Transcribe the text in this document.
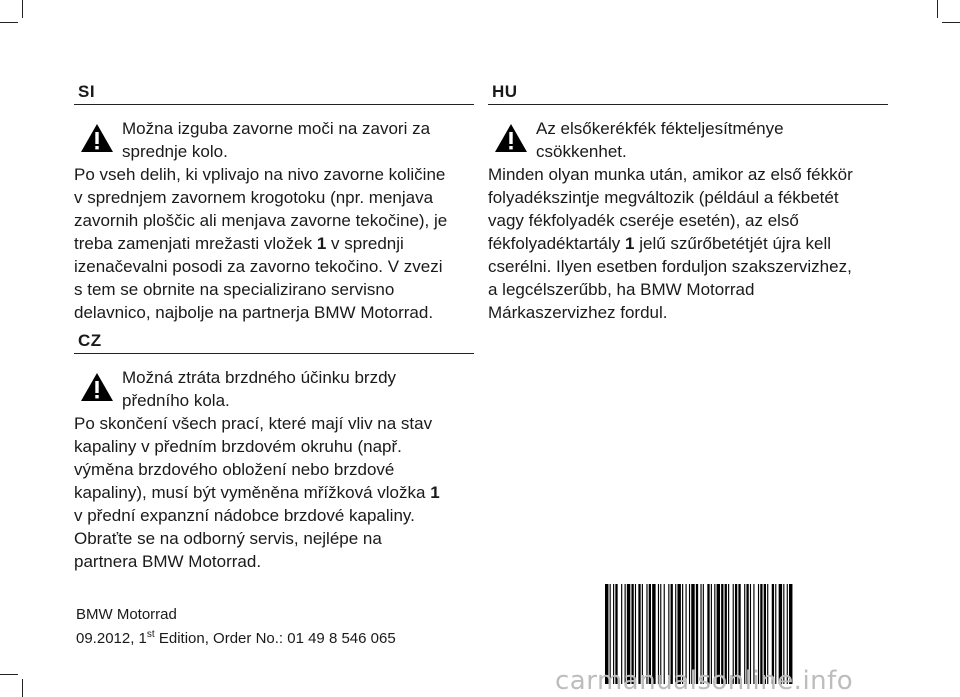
SI
Možna izguba zavorne moči na zavori za
sprednje kolo.
Po vseh delih, ki vplivajo na nivo zavorne količine
v sprednjem zavornem krogotoku (npr. menjava
zavornih ploščic ali menjava zavorne tekočine), je
treba zamenjati mrežasti vložek 1 v sprednji
izenačevalni posodi za zavorno tekočino. V zvezi
s tem se obrnite na specializirano servisno
delavnico, najbolje na partnerja BMW Motorrad.
CZ
Možná ztráta brzdného účinku brzdy
předního kola.
Po skončení všech prací, které mají vliv na stav
kapaliny v předním brzdovém okruhu (např.
výměna brzdového obložení nebo brzdové
kapaliny), musí být vyměněna mřížková vložka 1
v přední expanzní nádobce brzdové kapaliny.
Obraťte se na odborný servis, nejlépe na
partnera BMW Motorrad.
HU
Az elsőkerékfék fékteljesítménye
csökkenhet.
Minden olyan munka után, amikor az első fékkör
folyadékszintje megváltozik (például a fékbetét
vagy fékfolyadék cseréje esetén), az első
fékfolyadéktartály 1 jelű szűrőbetétjét újra kell
cserélni. Ilyen esetben forduljon szakszervizhez,
a legcélszerűbb, ha BMW Motorrad
Márkaszervizhez fordul.
BMW Motorrad
09.2012, 1st Edition, Order No.: 01 49 8 546 065
carmanualsonline.info
